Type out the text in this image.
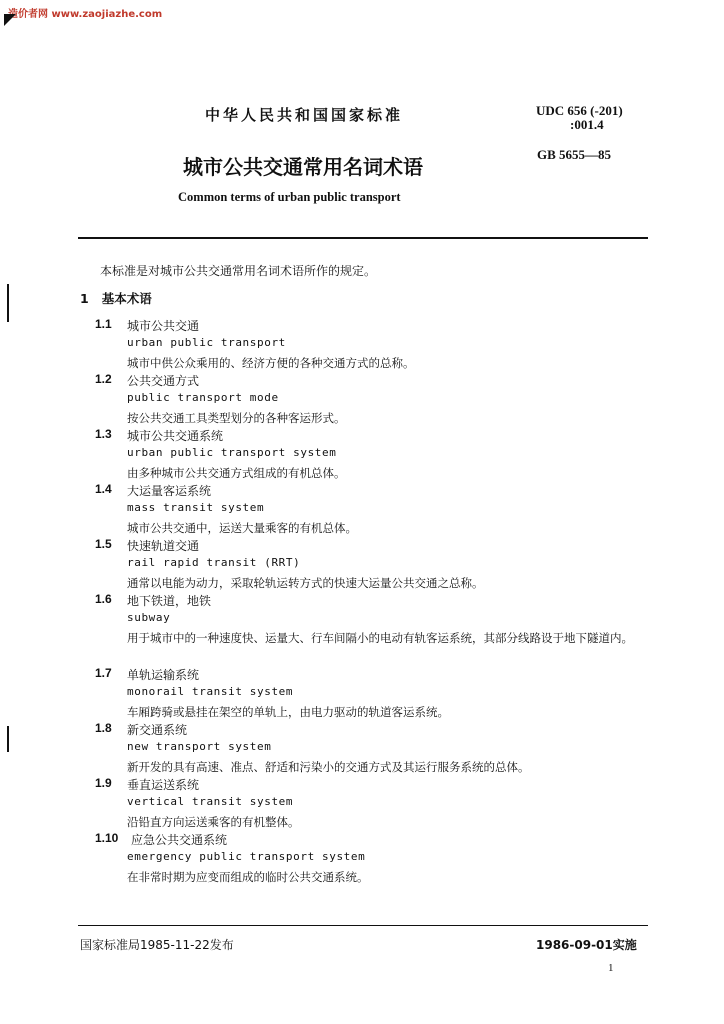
造价者网 www.zaojiazhe.com
中华人民共和国国家标准	UDC 656 (-201)
:001.4
GB 5655—85
城市公共交通常用名词术语
Common terms of urban public transport
本标准是对城市公共交通常用名词术语所作的规定。
1 基本术语
1.1 城市公共交通
urban public transport
城市中供公众乘用的、经济方便的各种交通方式的总称。
1.2 公共交通方式
public transport mode
按公共交通工具类型划分的各种客运形式。
1.3 城市公共交通系统
urban public transport system
由多种城市公共交通方式组成的有机总体。
1.4 大运量客运系统
mass transit system
城市公共交通中，运送大量乘客的有机总体。
1.5 快速轨道交通
rail rapid transit (RRT)
通常以电能为动力，采取轮轨运转方式的快速大运量公共交通之总称。
1.6 地下铁道，地铁
subway
用于城市中的一种速度快、运量大、行车间隔小的电动有轨客运系统，其部分线路设于地下隧道内。
1.7 单轨运输系统
monorail transit system
车厢跨骑或悬挂在架空的单轨上，由电力驱动的轨道客运系统。
1.8 新交通系统
new transport system
新开发的具有高速、准点、舒适和污染小的交通方式及其运行服务系统的总体。
1.9 垂直运送系统
vertical transit system
沿铅直方向运送乘客的有机整体。
1.10 应急公共交通系统
emergency public transport system
在非常时期为应变而组成的临时公共交通系统。
国家标准局1985-11-22发布	1986-09-01实施
1
